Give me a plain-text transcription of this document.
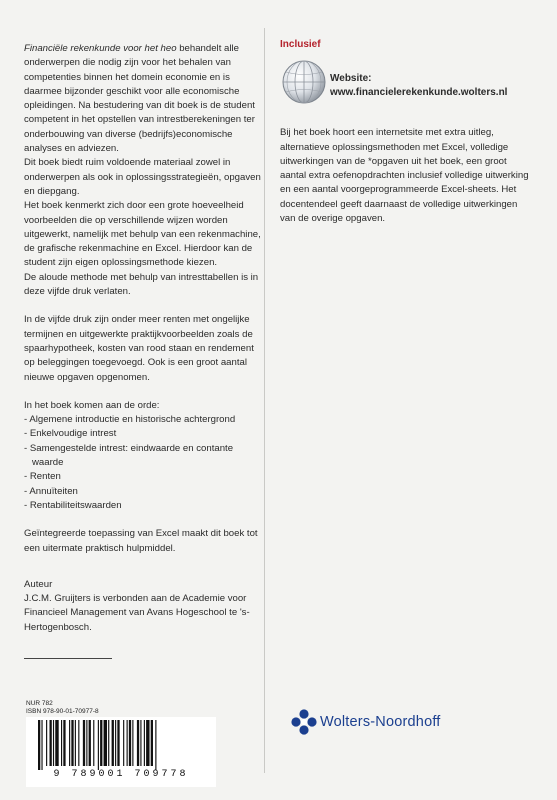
Financiële rekenkunde voor het heo behandelt alle onderwerpen die nodig zijn voor het behalen van competenties binnen het domein economie en is daarmee bijzonder geschikt voor alle economische opleidingen. Na bestudering van dit boek is de student competent in het opstellen van intrestberekeningen ter onderbouwing van diverse (bedrijfs)economische analyses en adviezen.

Dit boek biedt ruim voldoende materiaal zowel in onderwerpen als ook in oplossingsstrategieën, opgaven en diepgang.

Het boek kenmerkt zich door een grote hoeveelheid voorbeelden die op verschillende wijzen worden uitgewerkt, namelijk met behulp van een rekenmachine, de grafische rekenmachine en Excel. Hierdoor kan de student zijn eigen oplossingsmethode kiezen.

De aloude methode met behulp van intresttabellen is in deze vijfde druk verlaten.

In de vijfde druk zijn onder meer renten met ongelijke termijnen en uitgewerkte praktijkvoorbeelden zoals de spaarhypotheek, kosten van rood staan en rendement op beleggingen toegevoegd. Ook is een groot aantal nieuwe opgaven opgenomen.

In het boek komen aan de orde:

- Algemene introductie en historische achtergrond
- Enkelvoudige intrest
- Samengestelde intrest: eindwaarde en contante waarde
- Renten
- Annuïteiten
- Rentabiliteitswaarden

Geïntegreerde toepassing van Excel maakt dit boek tot een uitermate praktisch hulpmiddel.

Auteur

J.C.M. Gruijters is verbonden aan de Academie voor Financieel Management van Avans Hogeschool te 's-Hertogenbosch.

Inclusief

Website:
www.financielerekenkunde.wolters.nl

Bij het boek hoort een internetsite met extra uitleg, alternatieve oplossingsmethoden met Excel, volledige uitwerkingen van de *opgaven uit het boek, een groot aantal extra oefenopdrachten inclusief volledige uitwerking en een aantal voorgeprogrammeerde Excel-sheets. Het docentendeel geeft daarnaast de volledige uitwerkingen van de overige opgaven.

NUR 782
ISBN 978-90-01-70977-8
9 789001 709778
Wolters-Noordhoff
